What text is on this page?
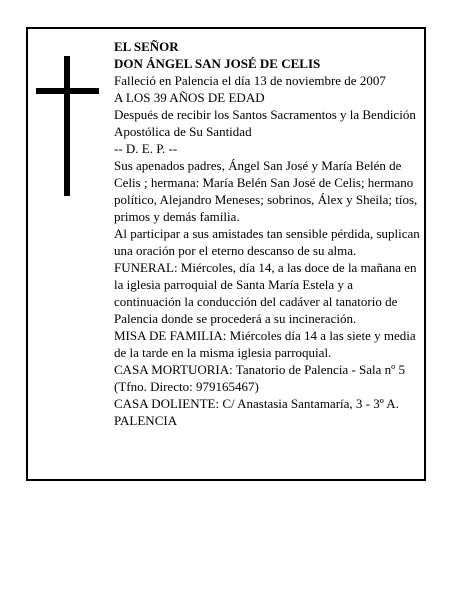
EL SEÑOR

DON ÁNGEL SAN JOSÉ DE CELIS

Falleció en Palencia el día 13 de noviembre de 2007

A LOS 39 AÑOS DE EDAD

Después de recibir los Santos Sacramentos y la Bendición Apostólica de Su Santidad

-- D. E. P. --

Sus apenados padres, Ángel San José y María Belén de Celis ; hermana: María Belén San José de Celis; hermano político, Alejandro Meneses; sobrinos, Álex y Sheila; tíos, primos y demás familia.

Al participar a sus amistades tan sensible pérdida, suplican una oración por el eterno descanso de su alma.

FUNERAL: Miércoles, día 14, a las doce de la mañana en la iglesia parroquial de Santa María Estela y a continuación la conducción del cadáver al tanatorio de Palencia donde se procederá a su incineración.

MISA DE FAMILIA: Miércoles día 14 a las siete y media de la tarde en la misma iglesia parroquial.

CASA MORTUORIA: Tanatorio de Palencia - Sala nº 5 (Tfno. Directo: 979165467)

CASA DOLIENTE: C/ Anastasia Santamaría, 3 - 3º A. PALENCIA
